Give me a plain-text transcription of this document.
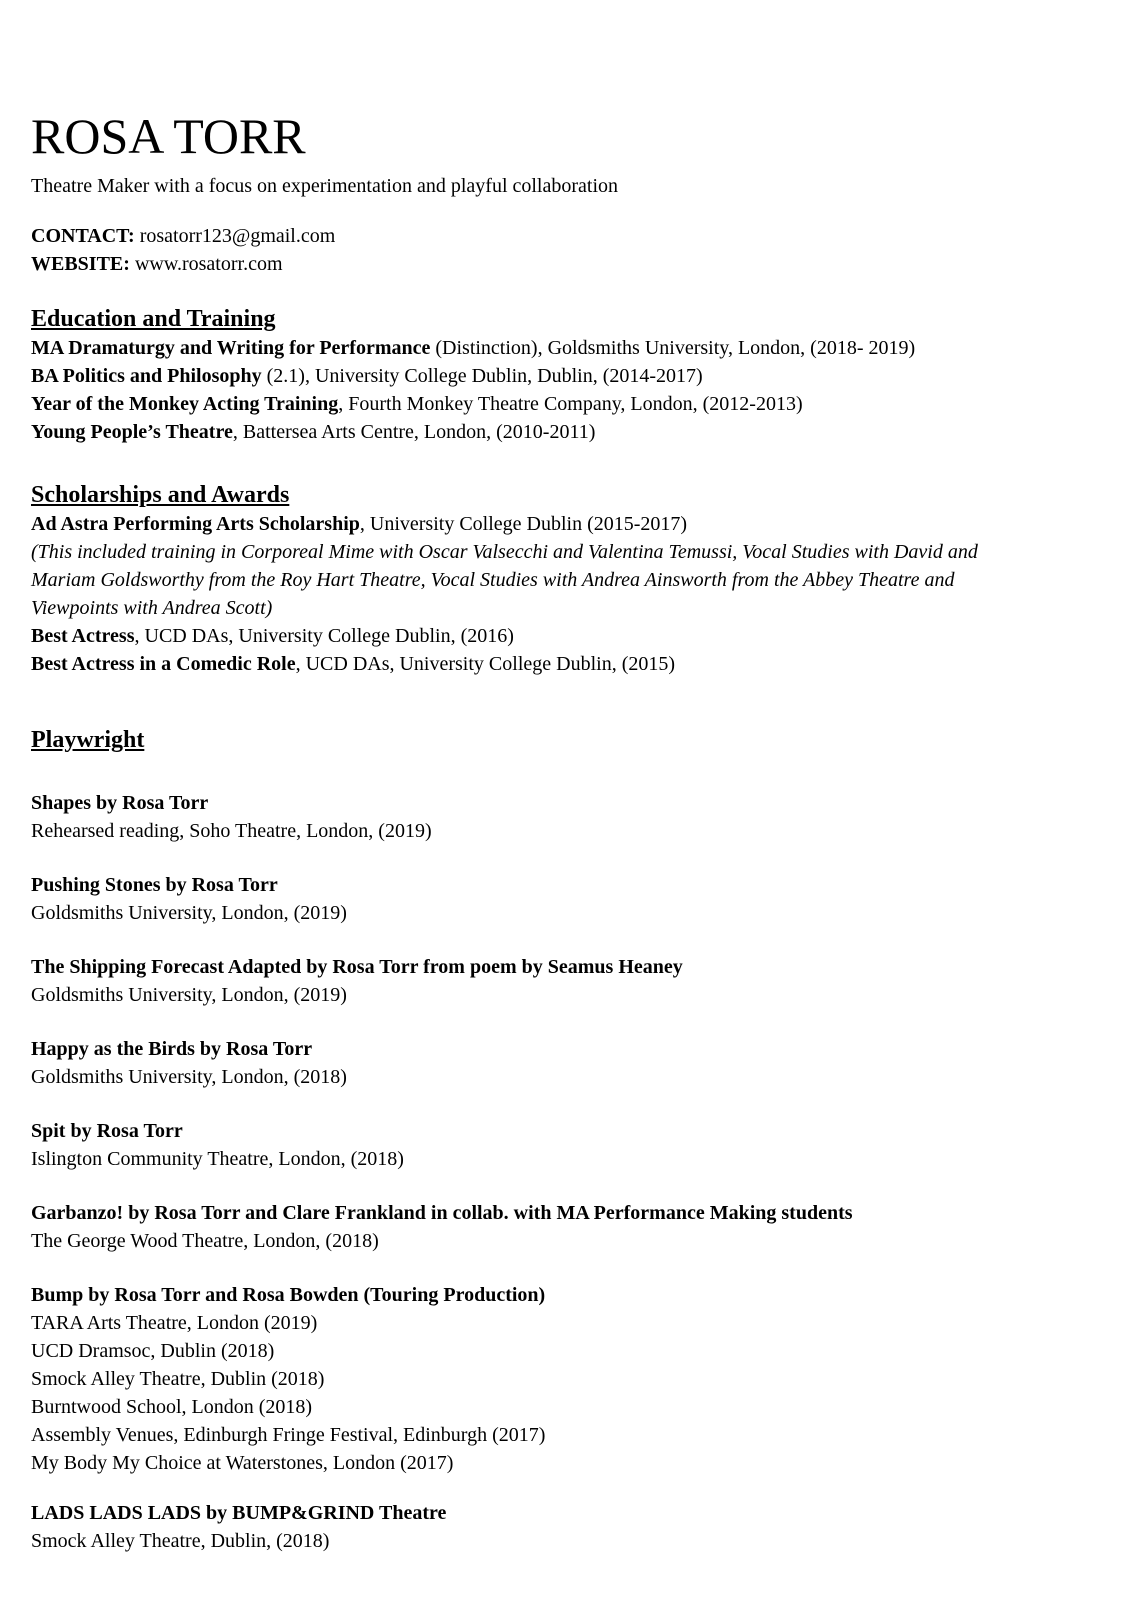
ROSA TORR
Theatre Maker with a focus on experimentation and playful collaboration
CONTACT: rosatorr123@gmail.com
WEBSITE: www.rosatorr.com
Education and Training
MA Dramaturgy and Writing for Performance (Distinction), Goldsmiths University, London, (2018- 2019)
BA Politics and Philosophy (2.1), University College Dublin, Dublin, (2014-2017)
Year of the Monkey Acting Training, Fourth Monkey Theatre Company, London, (2012-2013)
Young People’s Theatre, Battersea Arts Centre, London, (2010-2011)
Scholarships and Awards
Ad Astra Performing Arts Scholarship, University College Dublin (2015-2017)
(This included training in Corporeal Mime with Oscar Valsecchi and Valentina Temussi, Vocal Studies with David and Mariam Goldsworthy from the Roy Hart Theatre, Vocal Studies with Andrea Ainsworth from the Abbey Theatre and Viewpoints with Andrea Scott)
Best Actress, UCD DAs, University College Dublin, (2016)
Best Actress in a Comedic Role, UCD DAs, University College Dublin, (2015)
Playwright
Shapes by Rosa Torr
Rehearsed reading, Soho Theatre, London, (2019)
Pushing Stones by Rosa Torr
Goldsmiths University, London, (2019)
The Shipping Forecast Adapted by Rosa Torr from poem by Seamus Heaney
Goldsmiths University, London, (2019)
Happy as the Birds by Rosa Torr
Goldsmiths University, London, (2018)
Spit by Rosa Torr
Islington Community Theatre, London, (2018)
Garbanzo! by Rosa Torr and Clare Frankland in collab. with MA Performance Making students
The George Wood Theatre, London, (2018)
Bump by Rosa Torr and Rosa Bowden (Touring Production)
TARA Arts Theatre, London (2019)
UCD Dramsoc, Dublin (2018)
Smock Alley Theatre, Dublin (2018)
Burntwood School, London (2018)
Assembly Venues, Edinburgh Fringe Festival, Edinburgh (2017)
My Body My Choice at Waterstones, London (2017)
LADS LADS LADS by BUMP&GRIND Theatre
Smock Alley Theatre, Dublin, (2018)
